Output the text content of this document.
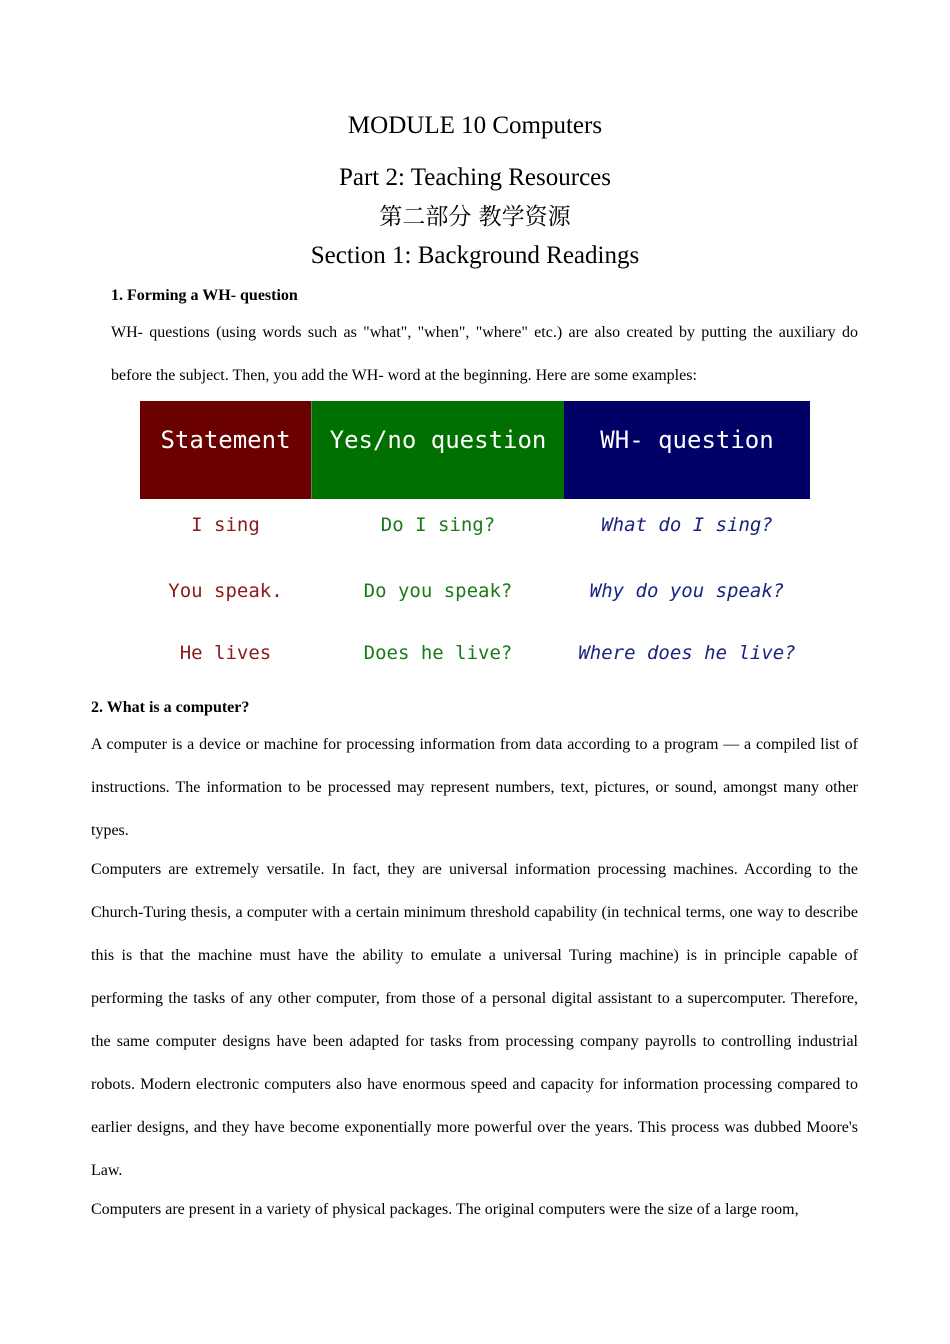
MODULE 10 Computers
Part 2: Teaching Resources
第二部分 教学资源
Section 1: Background Readings
1. Forming a WH- question
WH- questions (using words such as "what", "when", "where" etc.) are also created by putting the auxiliary do before the subject. Then, you add the WH- word at the beginning. Here are some examples:
Statement	Yes/no question	WH- question
I sing	Do I sing?	What do I sing?
You speak.	Do you speak?	Why do you speak?
He lives	Does he live?	Where does he live?
2. What is a computer?
A computer is a device or machine for processing information from data according to a program — a compiled list of instructions. The information to be processed may represent numbers, text, pictures, or sound, amongst many other types.
Computers are extremely versatile. In fact, they are universal information processing machines. According to the Church-Turing thesis, a computer with a certain minimum threshold capability (in technical terms, one way to describe this is that the machine must have the ability to emulate a universal Turing machine) is in principle capable of performing the tasks of any other computer, from those of a personal digital assistant to a supercomputer. Therefore, the same computer designs have been adapted for tasks from processing company payrolls to controlling industrial robots. Modern electronic computers also have enormous speed and capacity for information processing compared to earlier designs, and they have become exponentially more powerful over the years. This process was dubbed Moore's Law.
Computers are present in a variety of physical packages. The original computers were the size of a large room,
